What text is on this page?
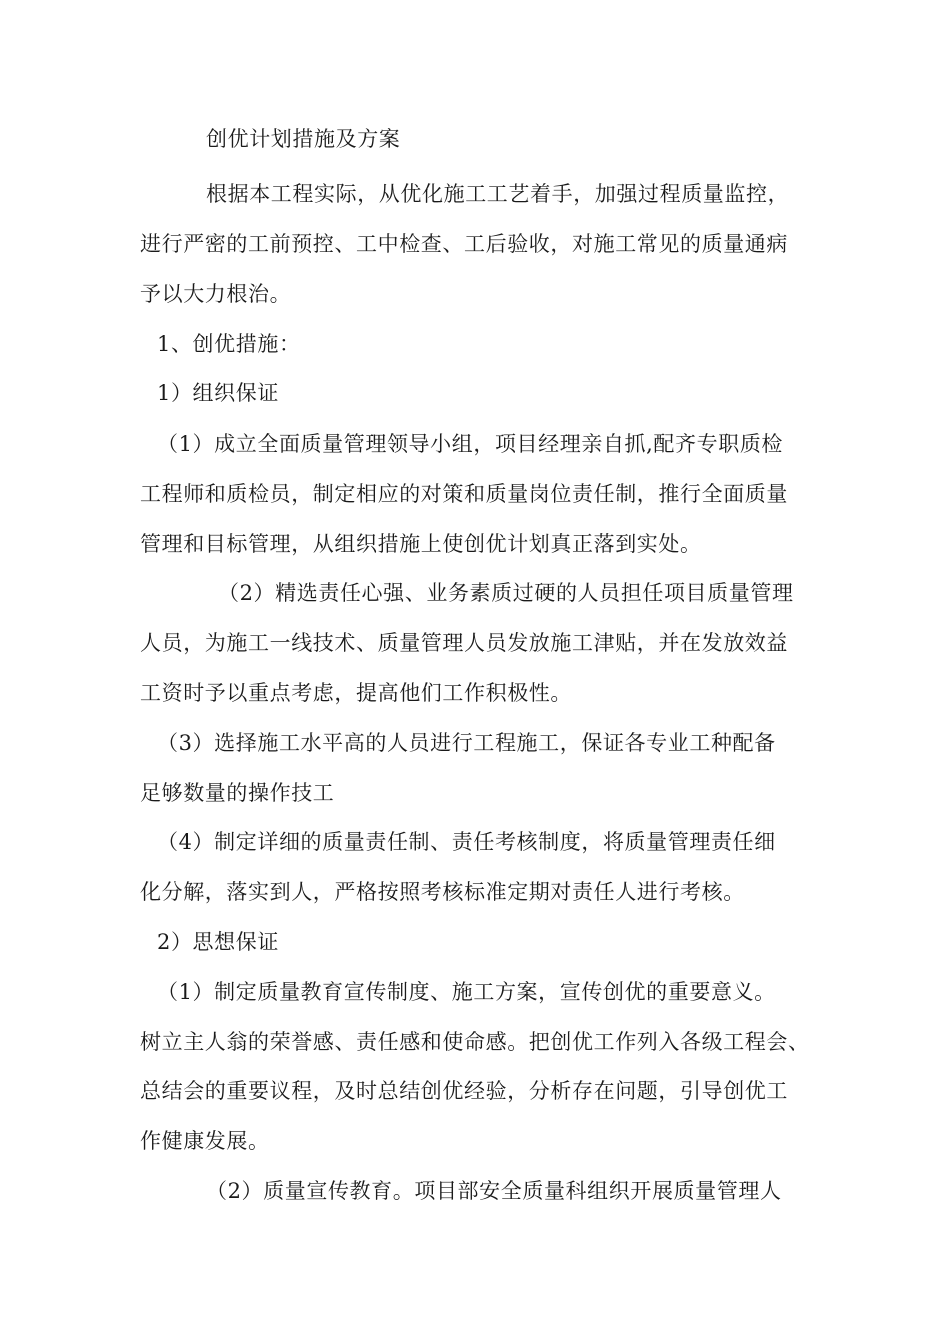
创优计划措施及方案
根据本工程实际，从优化施工工艺着手，加强过程质量监控，
进行严密的工前预控、工中检查、工后验收，对施工常见的质量通病
予以大力根治。
1、创优措施：
1）组织保证
（1）成立全面质量管理领导小组，项目经理亲自抓,配齐专职质检
工程师和质检员，制定相应的对策和质量岗位责任制，推行全面质量
管理和目标管理，从组织措施上使创优计划真正落到实处。
（2）精选责任心强、业务素质过硬的人员担任项目质量管理
人员，为施工一线技术、质量管理人员发放施工津贴，并在发放效益
工资时予以重点考虑，提高他们工作积极性。
（3）选择施工水平高的人员进行工程施工，保证各专业工种配备
足够数量的操作技工
（4）制定详细的质量责任制、责任考核制度，将质量管理责任细
化分解，落实到人，严格按照考核标准定期对责任人进行考核。
2）思想保证
（1）制定质量教育宣传制度、施工方案，宣传创优的重要意义。
树立主人翁的荣誉感、责任感和使命感。把创优工作列入各级工程会、
总结会的重要议程，及时总结创优经验，分析存在问题，引导创优工
作健康发展。
（2）质量宣传教育。项目部安全质量科组织开展质量管理人
